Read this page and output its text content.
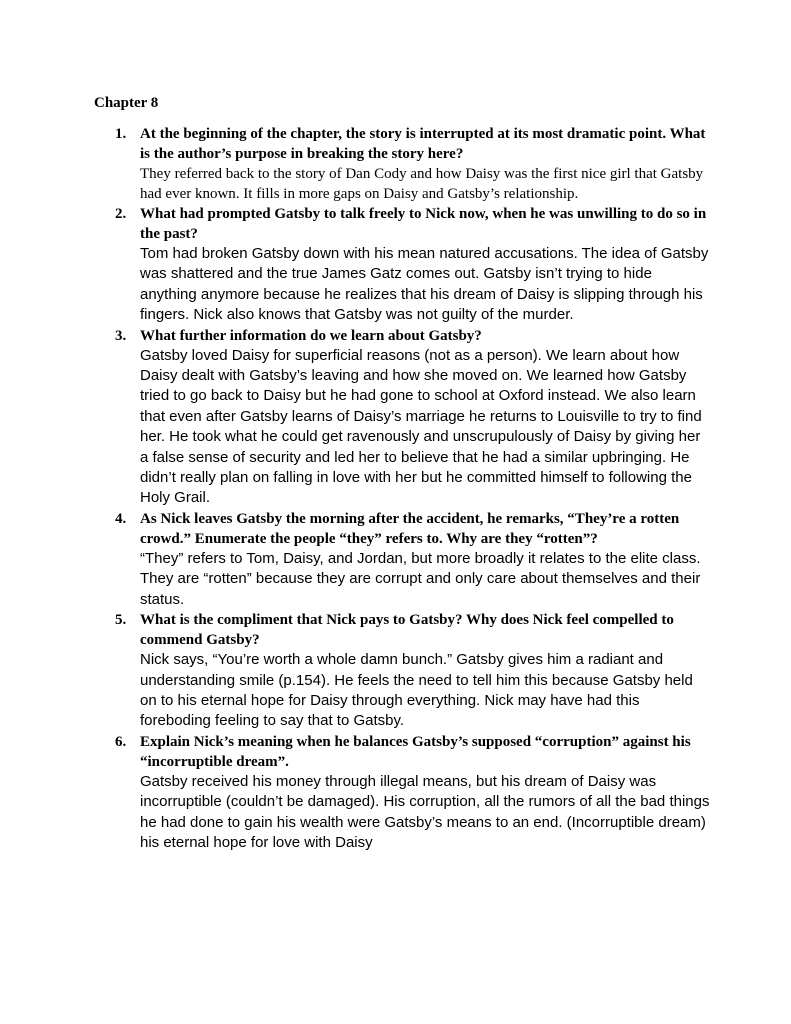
Chapter 8
1. At the beginning of the chapter, the story is interrupted at its most dramatic point. What is the author’s purpose in breaking the story here?

They referred back to the story of Dan Cody and how Daisy was the first nice girl that Gatsby had ever known. It fills in more gaps on Daisy and Gatsby’s relationship.

2. What had prompted Gatsby to talk freely to Nick now, when he was unwilling to do so in the past?

Tom had broken Gatsby down with his mean natured accusations. The idea of Gatsby was shattered and the true James Gatz comes out. Gatsby isn’t trying to hide anything anymore because he realizes that his dream of Daisy is slipping through his fingers. Nick also knows that Gatsby was not guilty of the murder.

3. What further information do we learn about Gatsby?

Gatsby loved Daisy for superficial reasons (not as a person). We learn about how Daisy dealt with Gatsby’s leaving and how she moved on. We learned how Gatsby tried to go back to Daisy but he had gone to school at Oxford instead. We also learn that even after Gatsby learns of Daisy’s marriage he returns to Louisville to try to find her. He took what he could get ravenously and unscrupulously of Daisy by giving her a false sense of security and led her to believe that he had a similar upbringing. He didn’t really plan on falling in love with her but he committed himself to following the Holy Grail.

4. As Nick leaves Gatsby the morning after the accident, he remarks, “They’re a rotten crowd.” Enumerate the people “they” refers to. Why are they “rotten”?

“They” refers to Tom, Daisy, and Jordan, but more broadly it relates to the elite class. They are “rotten” because they are corrupt and only care about themselves and their status.

5. What is the compliment that Nick pays to Gatsby? Why does Nick feel compelled to commend Gatsby?

Nick says, “You’re worth a whole damn bunch.” Gatsby gives him a radiant and understanding smile (p.154). He feels the need to tell him this because Gatsby held on to his eternal hope for Daisy through everything. Nick may have had this foreboding feeling to say that to Gatsby.

6. Explain Nick’s meaning when he balances Gatsby’s supposed “corruption” against his “incorruptible dream”.

Gatsby received his money through illegal means, but his dream of Daisy was incorruptible (couldn’t be damaged). His corruption, all the rumors of all the bad things he had done to gain his wealth were Gatsby’s means to an end. (Incorruptible dream) his eternal hope for love with Daisy
